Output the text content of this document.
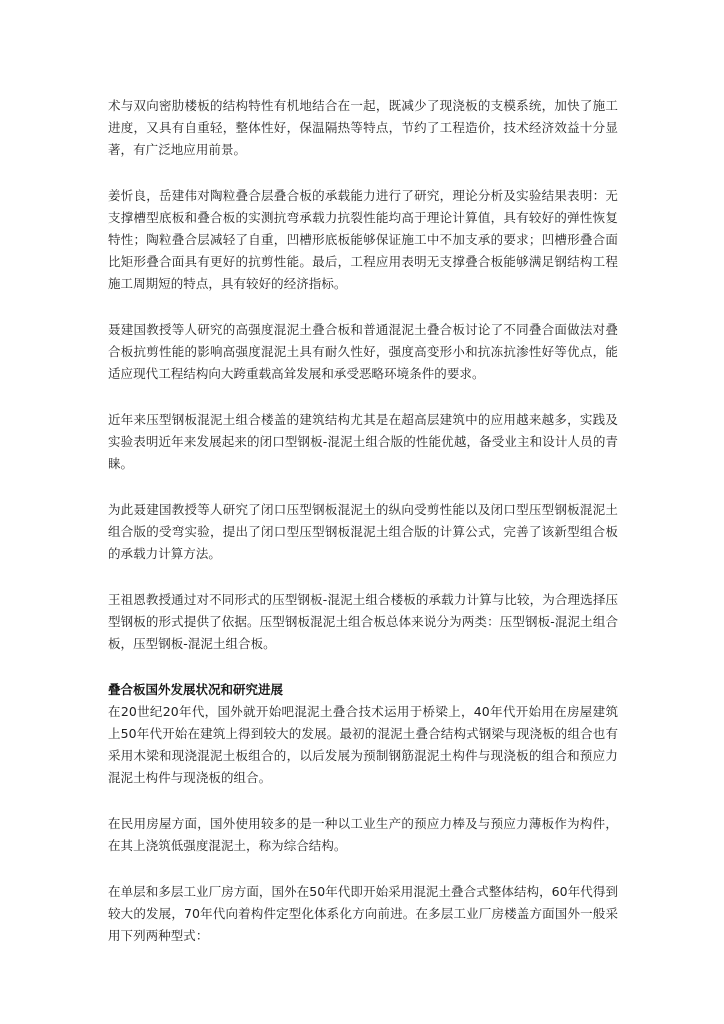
术与双向密肋楼板的结构特性有机地结合在一起，既减少了现浇板的支模系统，加快了施工进度，又具有自重轻，整体性好，保温隔热等特点，节约了工程造价，技术经济效益十分显著，有广泛地应用前景。

姜忻良，岳建伟对陶粒叠合层叠合板的承载能力进行了研究，理论分析及实验结果表明：无支撑槽型底板和叠合板的实测抗弯承载力抗裂性能均高于理论计算值，具有较好的弹性恢复特性；陶粒叠合层减轻了自重，凹槽形底板能够保证施工中不加支承的要求；凹槽形叠合面比矩形叠合面具有更好的抗剪性能。最后，工程应用表明无支撑叠合板能够满足钢结构工程施工周期短的特点，具有较好的经济指标。

聂建国教授等人研究的高强度混泥土叠合板和普通混泥土叠合板讨论了不同叠合面做法对叠合板抗剪性能的影响高强度混泥土具有耐久性好，强度高变形小和抗冻抗渗性好等优点，能适应现代工程结构向大跨重载高耸发展和承受恶略环境条件的要求。

近年来压型钢板混泥土组合楼盖的建筑结构尤其是在超高层建筑中的应用越来越多，实践及实验表明近年来发展起来的闭口型钢板-混泥土组合版的性能优越，备受业主和设计人员的青睐。

为此聂建国教授等人研究了闭口压型钢板混泥土的纵向受剪性能以及闭口型压型钢板混泥土组合版的受弯实验，提出了闭口型压型钢板混泥土组合版的计算公式，完善了该新型组合板的承载力计算方法。

王祖恩教授通过对不同形式的压型钢板-混泥土组合楼板的承载力计算与比较，为合理选择压型钢板的形式提供了依据。压型钢板混泥土组合板总体来说分为两类：压型钢板-混泥土组合板，压型钢板-混泥土组合板。

叠合板国外发展状况和研究进展

在20世纪20年代，国外就开始吧混泥土叠合技术运用于桥梁上，40年代开始用在房屋建筑上50年代开始在建筑上得到较大的发展。最初的混泥土叠合结构式钢梁与现浇板的组合也有采用木梁和现浇混泥土板组合的，以后发展为预制钢筋混泥土构件与现浇板的组合和预应力混泥土构件与现浇板的组合。

在民用房屋方面，国外使用较多的是一种以工业生产的预应力棒及与预应力薄板作为构件，在其上浇筑低强度混泥土，称为综合结构。

在单层和多层工业厂房方面，国外在50年代即开始采用混泥土叠合式整体结构，60年代得到较大的发展，70年代向着构件定型化体系化方向前进。在多层工业厂房楼盖方面国外一般采用下列两种型式：
